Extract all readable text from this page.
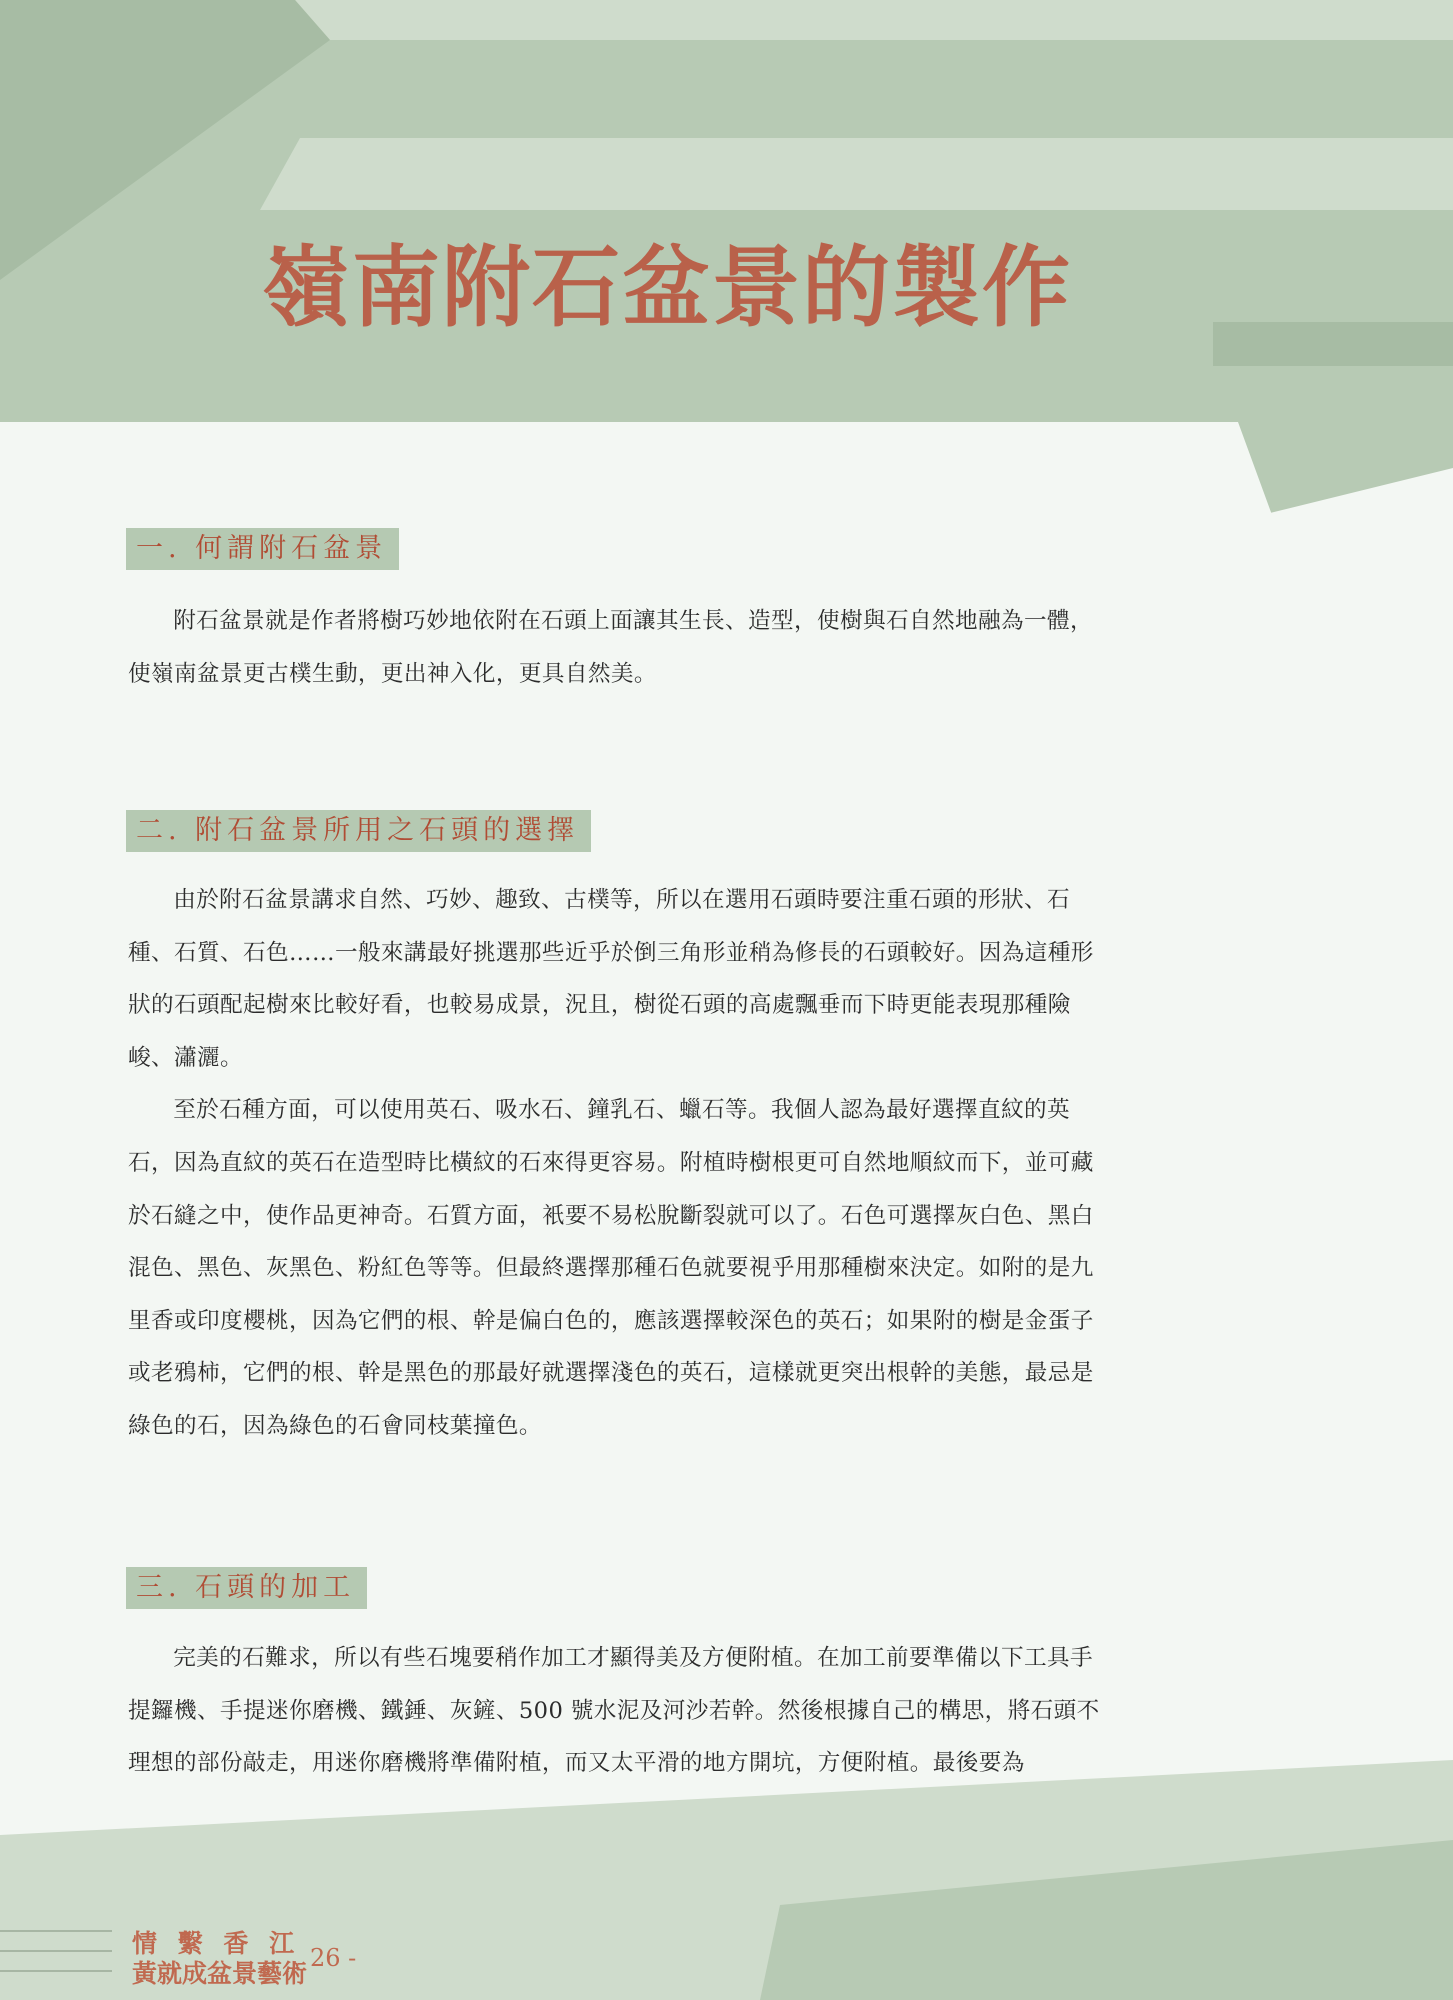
嶺南附石盆景的製作
一. 何謂附石盆景

附石盆景就是作者將樹巧妙地依附在石頭上面讓其生長、造型，使樹與石自然地融為一體，使嶺南盆景更古樸生動，更出神入化，更具自然美。

二. 附石盆景所用之石頭的選擇

由於附石盆景講求自然、巧妙、趣致、古樸等，所以在選用石頭時要注重石頭的形狀、石種、石質、石色……一般來講最好挑選那些近乎於倒三角形並稍為修長的石頭較好。因為這種形狀的石頭配起樹來比較好看，也較易成景，況且，樹從石頭的高處飄垂而下時更能表現那種險峻、瀟灑。

至於石種方面，可以使用英石、吸水石、鐘乳石、蠟石等。我個人認為最好選擇直紋的英石，因為直紋的英石在造型時比橫紋的石來得更容易。附植時樹根更可自然地順紋而下，並可藏於石縫之中，使作品更神奇。石質方面，衹要不易松脫斷裂就可以了。石色可選擇灰白色、黑白混色、黑色、灰黑色、粉紅色等等。但最終選擇那種石色就要視乎用那種樹來決定。如附的是九里香或印度櫻桃，因為它們的根、幹是偏白色的，應該選擇較深色的英石；如果附的樹是金蛋子或老鴉柿，它們的根、幹是黑色的那最好就選擇淺色的英石，這樣就更突出根幹的美態，最忌是綠色的石，因為綠色的石會同枝葉撞色。

三. 石頭的加工

完美的石難求，所以有些石塊要稍作加工才顯得美及方便附植。在加工前要準備以下工具手提鑼機、手提迷你磨機、鐵錘、灰鏟、500 號水泥及河沙若幹。然後根據自己的構思，將石頭不理想的部份敲走，用迷你磨機將準備附植，而又太平滑的地方開坑，方便附植。最後要為

情 繫 香 江
黃就成盆景藝術
26 -
